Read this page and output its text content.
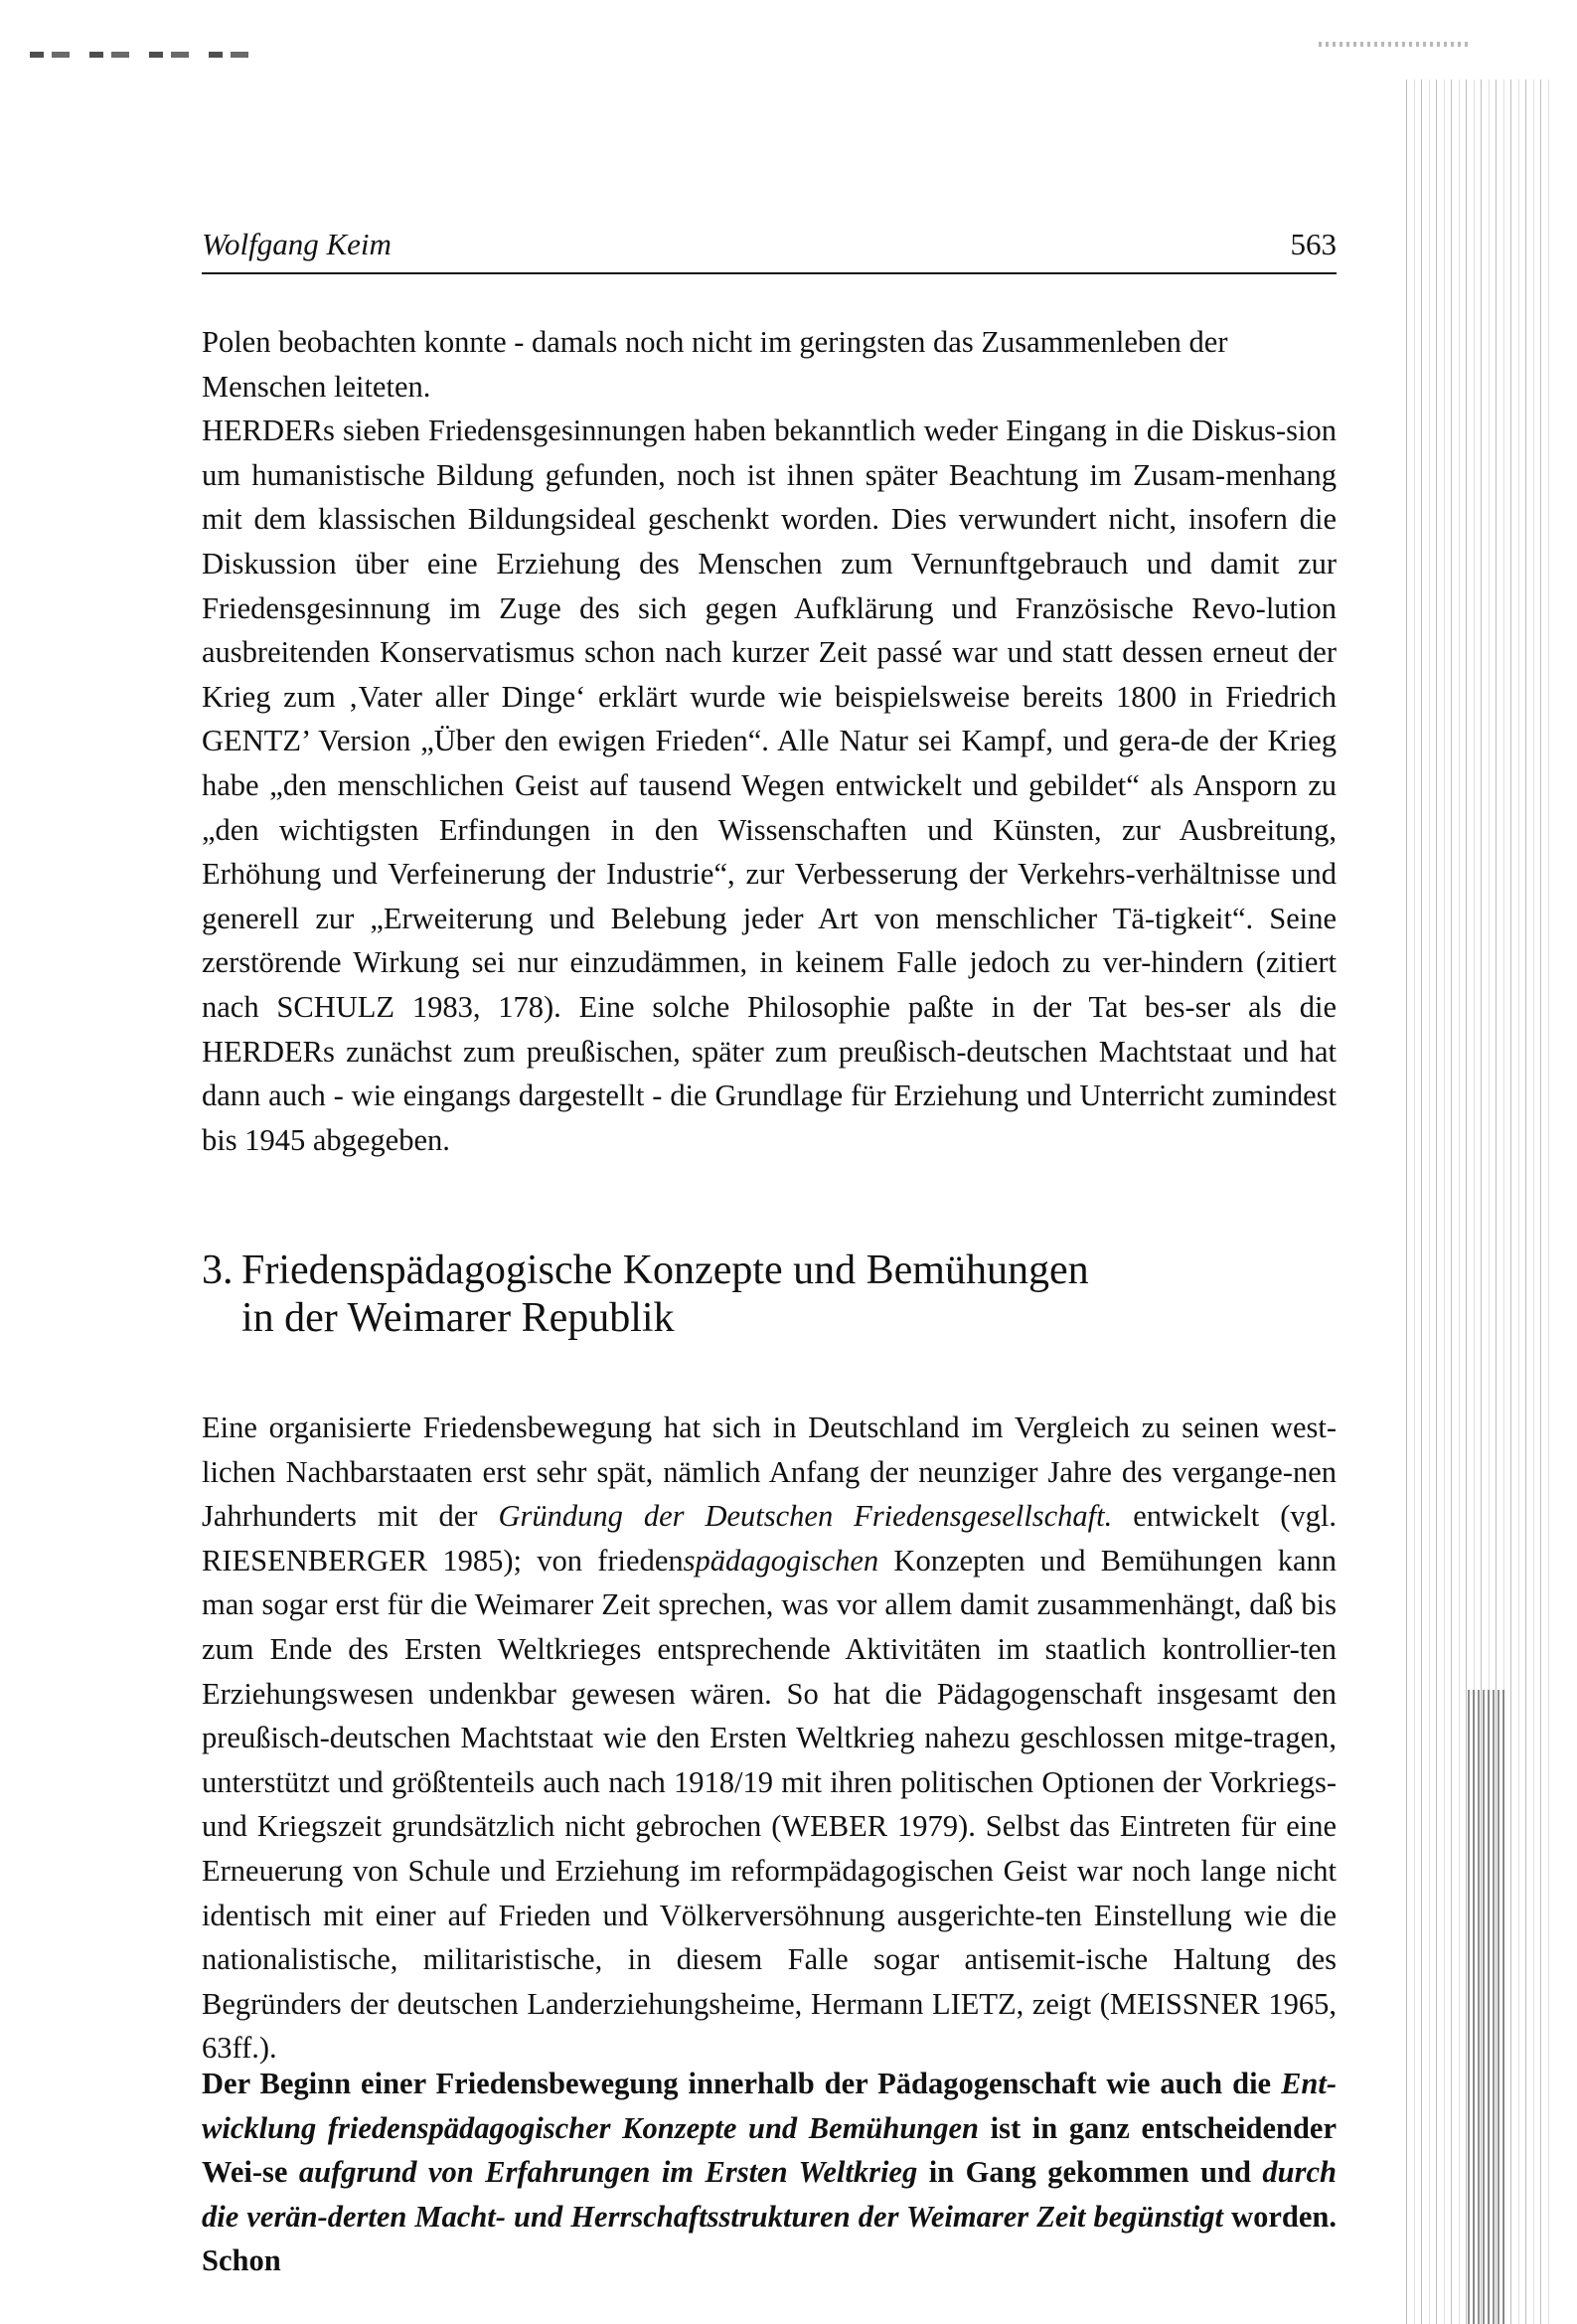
Wolfgang Keim	563

Polen beobachten konnte - damals noch nicht im geringsten das Zusammenleben der

Menschen leiteten.

HERDERs sieben Friedensgesinnungen haben bekanntlich weder Eingang in die Diskus-sion um humanistische Bildung gefunden, noch ist ihnen später Beachtung im Zusam-menhang mit dem klassischen Bildungsideal geschenkt worden. Dies verwundert nicht, insofern die Diskussion über eine Erziehung des Menschen zum Vernunftgebrauch und damit zur Friedensgesinnung im Zuge des sich gegen Aufklärung und Französische Revo-lution ausbreitenden Konservatismus schon nach kurzer Zeit passé war und statt dessen erneut der Krieg zum ‚Vater aller Dinge‘ erklärt wurde wie beispielsweise bereits 1800 in Friedrich GENTZ’ Version „Über den ewigen Frieden“. Alle Natur sei Kampf, und gera-de der Krieg habe „den menschlichen Geist auf tausend Wegen entwickelt und gebildet“ als Ansporn zu „den wichtigsten Erfindungen in den Wissenschaften und Künsten, zur Ausbreitung, Erhöhung und Verfeinerung der Industrie“, zur Verbesserung der Verkehrs-verhältnisse und generell zur „Erweiterung und Belebung jeder Art von menschlicher Tä-tigkeit“. Seine zerstörende Wirkung sei nur einzudämmen, in keinem Falle jedoch zu ver-hindern (zitiert nach SCHULZ 1983, 178). Eine solche Philosophie paßte in der Tat bes-ser als die HERDERs zunächst zum preußischen, später zum preußisch-deutschen Machtstaat und hat dann auch - wie eingangs dargestellt - die Grundlage für Erziehung und Unterricht zumindest bis 1945 abgegeben.

3. Friedenspädagogische Konzepte und Bemühungen
in der Weimarer Republik

Eine organisierte Friedensbewegung hat sich in Deutschland im Vergleich zu seinen west-lichen Nachbarstaaten erst sehr spät, nämlich Anfang der neunziger Jahre des vergange-nen Jahrhunderts mit der Gründung der Deutschen Friedensgesellschaft. entwickelt (vgl. RIESENBERGER 1985); von friedenspädagogischen Konzepten und Bemühungen kann man sogar erst für die Weimarer Zeit sprechen, was vor allem damit zusammenhängt, daß bis zum Ende des Ersten Weltkrieges entsprechende Aktivitäten im staatlich kontrollier-ten Erziehungswesen undenkbar gewesen wären. So hat die Pädagogenschaft insgesamt den preußisch-deutschen Machtstaat wie den Ersten Weltkrieg nahezu geschlossen mitge-tragen, unterstützt und größtenteils auch nach 1918/19 mit ihren politischen Optionen der Vorkriegs- und Kriegszeit grundsätzlich nicht gebrochen (WEBER 1979). Selbst das Eintreten für eine Erneuerung von Schule und Erziehung im reformpädagogischen Geist war noch lange nicht identisch mit einer auf Frieden und Völkerversöhnung ausgerichte-ten Einstellung wie die nationalistische, militaristische, in diesem Falle sogar antisemit-ische Haltung des Begründers der deutschen Landerziehungsheime, Hermann LIETZ, zeigt (MEISSNER 1965, 63ff.).

Der Beginn einer Friedensbewegung innerhalb der Pädagogenschaft wie auch die Ent-wicklung friedenspädagogischer Konzepte und Bemühungen ist in ganz entscheidender Wei-se aufgrund von Erfahrungen im Ersten Weltkrieg in Gang gekommen und durch die verän-derten Macht- und Herrschaftsstrukturen der Weimarer Zeit begünstigt worden. Schon
